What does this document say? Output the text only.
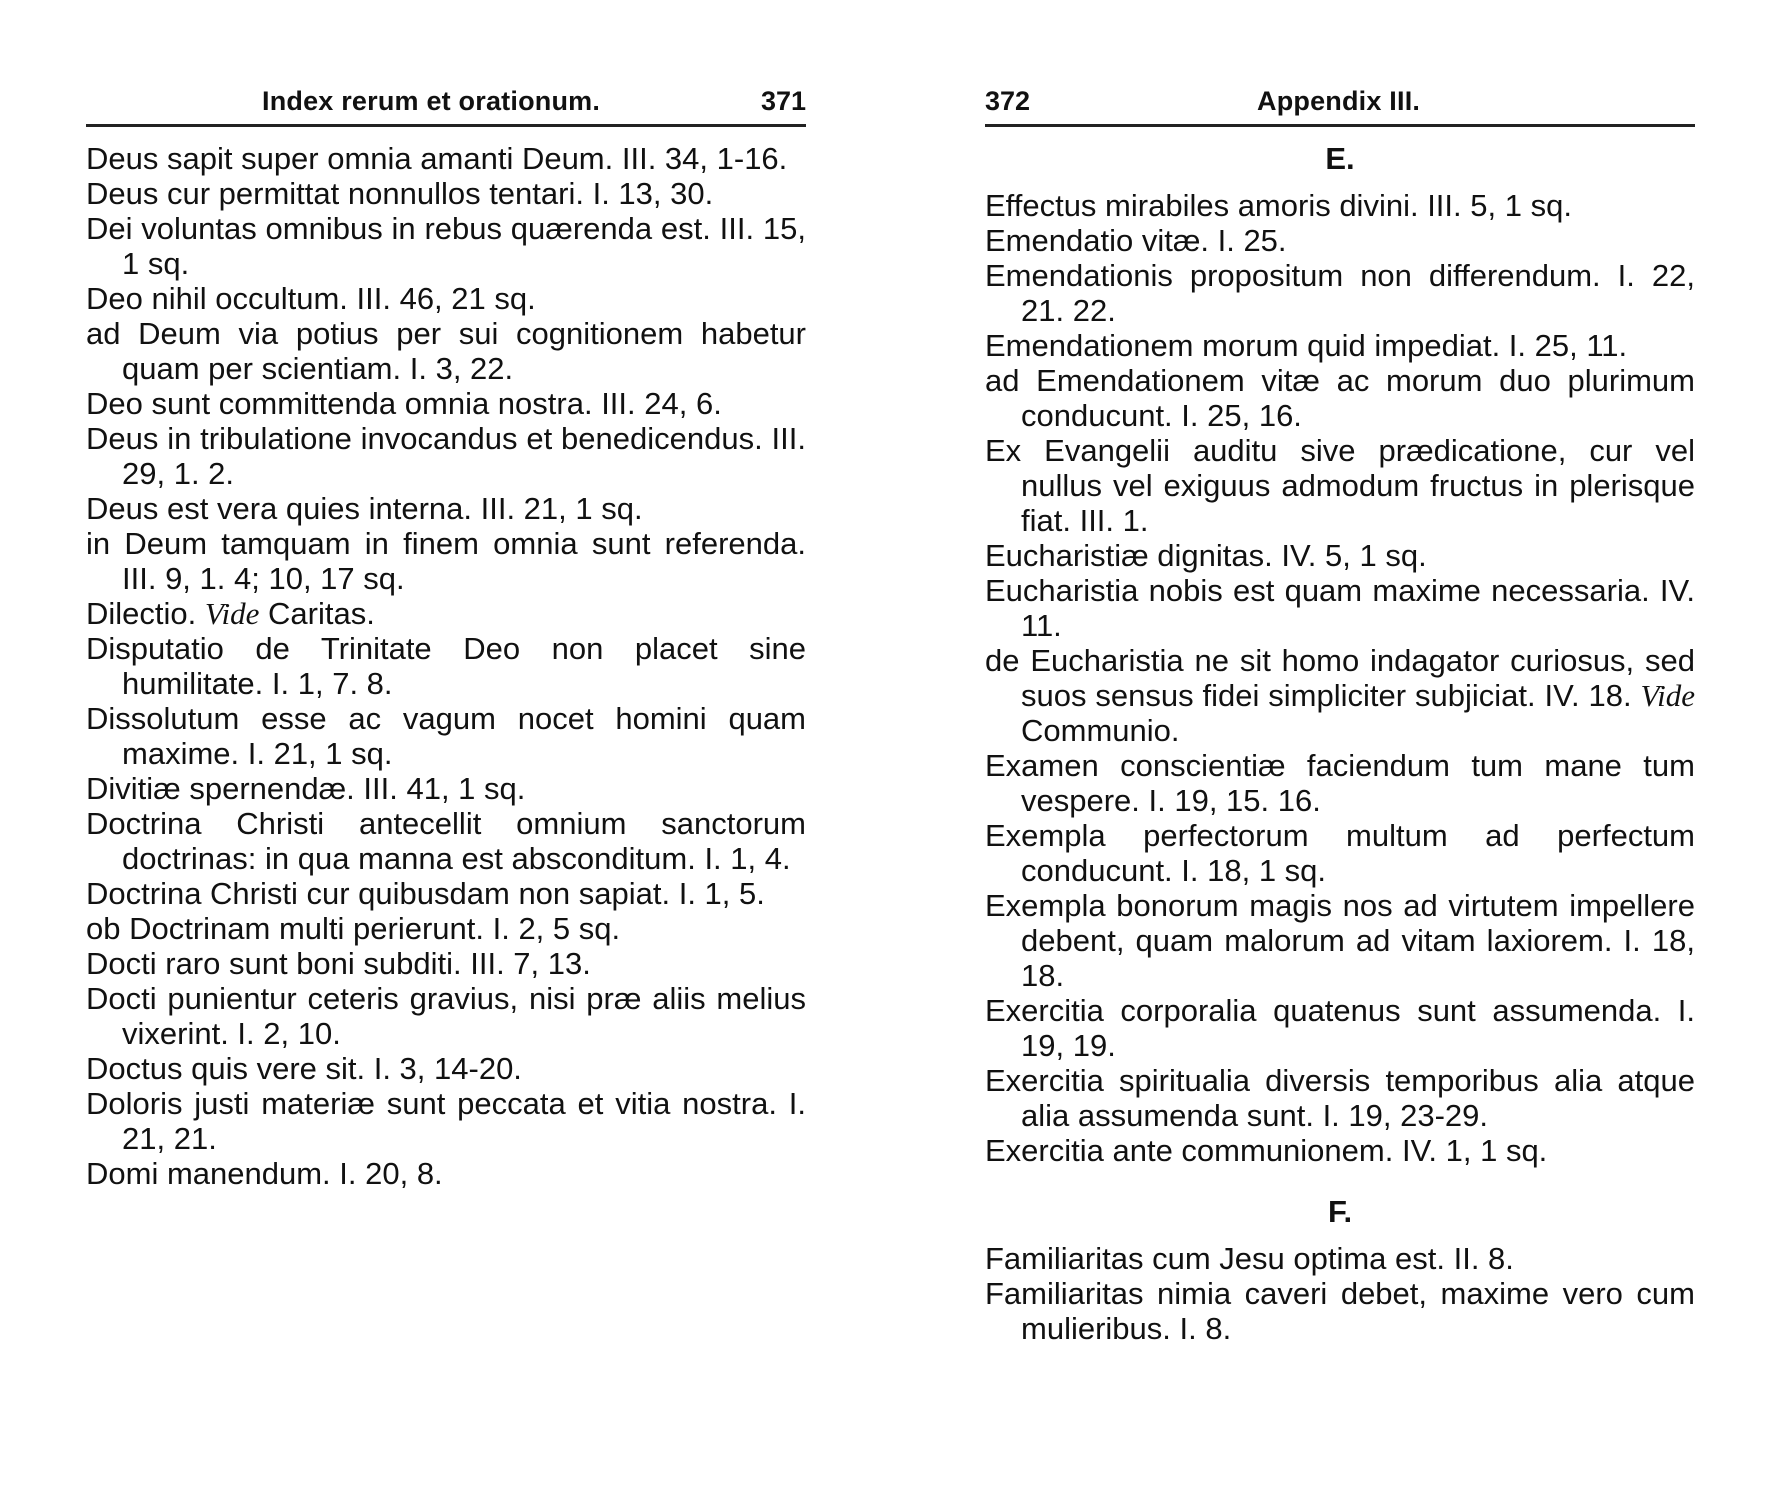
Index rerum et orationum.	371

Deus sapit super omnia amanti Deum. III. 34, 1-16.

Deus cur permittat nonnullos tentari. I. 13, 30.

Dei voluntas omnibus in rebus quærenda est. III. 15, 1 sq.

Deo nihil occultum. III. 46, 21 sq.

ad Deum via potius per sui cognitionem habetur quam per scientiam. I. 3, 22.

Deo sunt committenda omnia nostra. III. 24, 6.

Deus in tribulatione invocandus et benedicendus. III. 29, 1. 2.

Deus est vera quies interna. III. 21, 1 sq.

in Deum tamquam in finem omnia sunt referenda. III. 9, 1. 4; 10, 17 sq.

Dilectio. Vide Caritas.

Disputatio de Trinitate Deo non placet sine humilitate. I. 1, 7. 8.

Dissolutum esse ac vagum nocet homini quam maxime. I. 21, 1 sq.

Divitiæ spernendæ. III. 41, 1 sq.

Doctrina Christi antecellit omnium sanctorum doctrinas: in qua manna est absconditum. I. 1, 4.

Doctrina Christi cur quibusdam non sapiat. I. 1, 5.

ob Doctrinam multi perierunt. I. 2, 5 sq.

Docti raro sunt boni subditi. III. 7, 13.

Docti punientur ceteris gravius, nisi præ aliis melius vixerint. I. 2, 10.

Doctus quis vere sit. I. 3, 14-20.

Doloris justi materiæ sunt peccata et vitia nostra. I. 21, 21.

Domi manendum. I. 20, 8.

372	Appendix III.
E.

Effectus mirabiles amoris divini. III. 5, 1 sq.

Emendatio vitæ. I. 25.

Emendationis propositum non differendum. I. 22, 21. 22.

Emendationem morum quid impediat. I. 25, 11.

ad Emendationem vitæ ac morum duo plurimum conducunt. I. 25, 16.

Ex Evangelii auditu sive prædicatione, cur vel nullus vel exiguus admodum fructus in plerisque fiat. III. 1.

Eucharistiæ dignitas. IV. 5, 1 sq.

Eucharistia nobis est quam maxime necessaria. IV. 11.

de Eucharistia ne sit homo indagator curiosus, sed suos sensus fidei simpliciter subjiciat. IV. 18. Vide Communio.

Examen conscientiæ faciendum tum mane tum vespere. I. 19, 15. 16.

Exempla perfectorum multum ad perfectum conducunt. I. 18, 1 sq.

Exempla bonorum magis nos ad virtutem impellere debent, quam malorum ad vitam laxiorem. I. 18, 18.

Exercitia corporalia quatenus sunt assumenda. I. 19, 19.

Exercitia spiritualia diversis temporibus alia atque alia assumenda sunt. I. 19, 23-29.

Exercitia ante communionem. IV. 1, 1 sq.

F.

Familiaritas cum Jesu optima est. II. 8.

Familiaritas nimia caveri debet, maxime vero cum mulieribus. I. 8.
